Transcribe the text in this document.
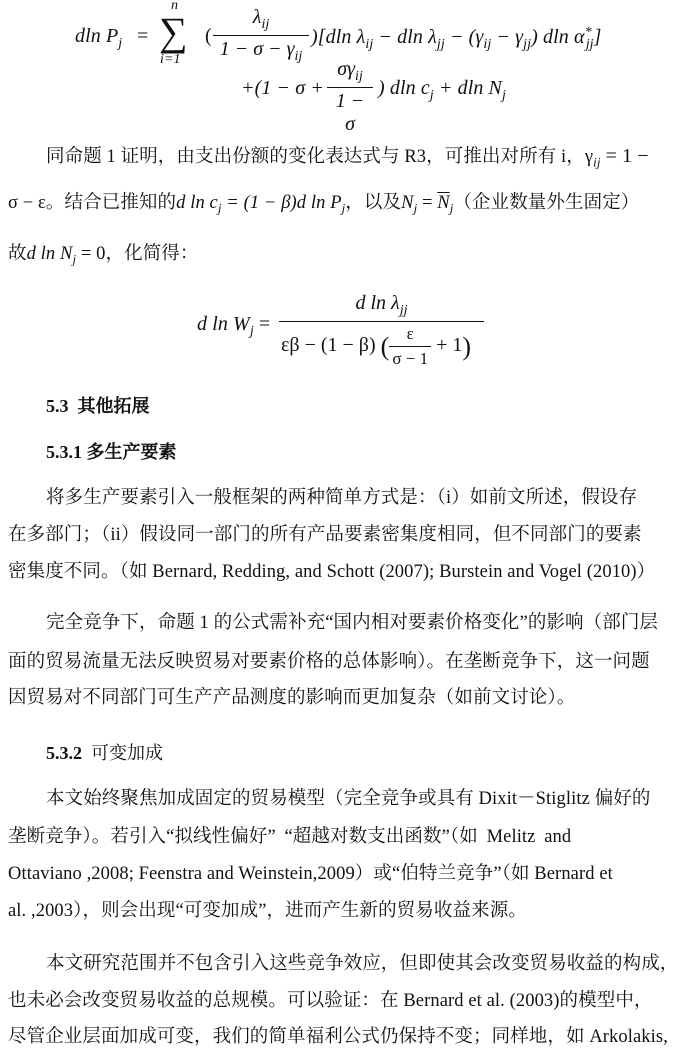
dln $P_j$ =
n
∑
i=1
( $\frac{\lambda_{ij}}{1 - \sigma - \gamma_{ij}} )[dln$ $\lambda_{ij} - dln$ $\lambda_{jj} - (\gamma_{ij} - \gamma_{jj})$ dln $\alpha^*_{jj}$]
$+(1 - \sigma + \frac{\sigma\gamma_{ij}}{1 - \sigma}$ ) dln $c_j + dln$ $N_j$
同命题 1 证明，由支出份额的变化表达式与 R3，可推出对所有 i，$\gamma_{ij} = 1$ −
σ − ε。结合已推知的d $\ln c_j = (1 - \beta)d$ $\ln P_j$，以及$N_j = \overline{N}_j$（企业数量外生固定）
故d $\ln N_j = 0$，化简得：
d $\ln W_j$ =
d $\ln \lambda_{jj}$
εβ − (1 − β) ( $\frac{\varepsilon}{\sigma - 1} + 1$)
5.3 其他拓展
5.3.1 多生产要素
将多生产要素引入一般框架的两种简单方式是：（i）如前文所述，假设存
在多部门；（ii）假设同一部门的所有产品要素密集度相同，但不同部门的要素
密集度不同。（如 Bernard, Redding, and Schott (2007); Burstein and Vogel (2010)）
完全竞争下，命题 1 的公式需补充“国内相对要素价格变化”的影响（部门层
面的贸易流量无法反映贸易对要素价格的总体影响）。在垄断竞争下，这一问题
因贸易对不同部门可生产产品测度的影响而更加复杂（如前文讨论）。
5.3.2 可变加成
本文始终聚焦加成固定的贸易模型（完全竞争或具有 Dixit－Stiglitz 偏好的
垄断竞争）。若引入“拟线性偏好” “超越对数支出函数”（如 Melitz and
Ottaviano ,2008; Feenstra and Weinstein,2009）或“伯特兰竞争”（如 Bernard et
al. ,2003），则会出现“可变加成”，进而产生新的贸易收益来源。
本文研究范围并不包含引入这些竞争效应，但即使其会改变贸易收益的构成，
也未必会改变贸易收益的总规模。可以验证：在 Bernard et al. (2003)的模型中，
尽管企业层面加成可变，我们的简单福利公式仍保持不变；同样地，如 Arkolakis,
